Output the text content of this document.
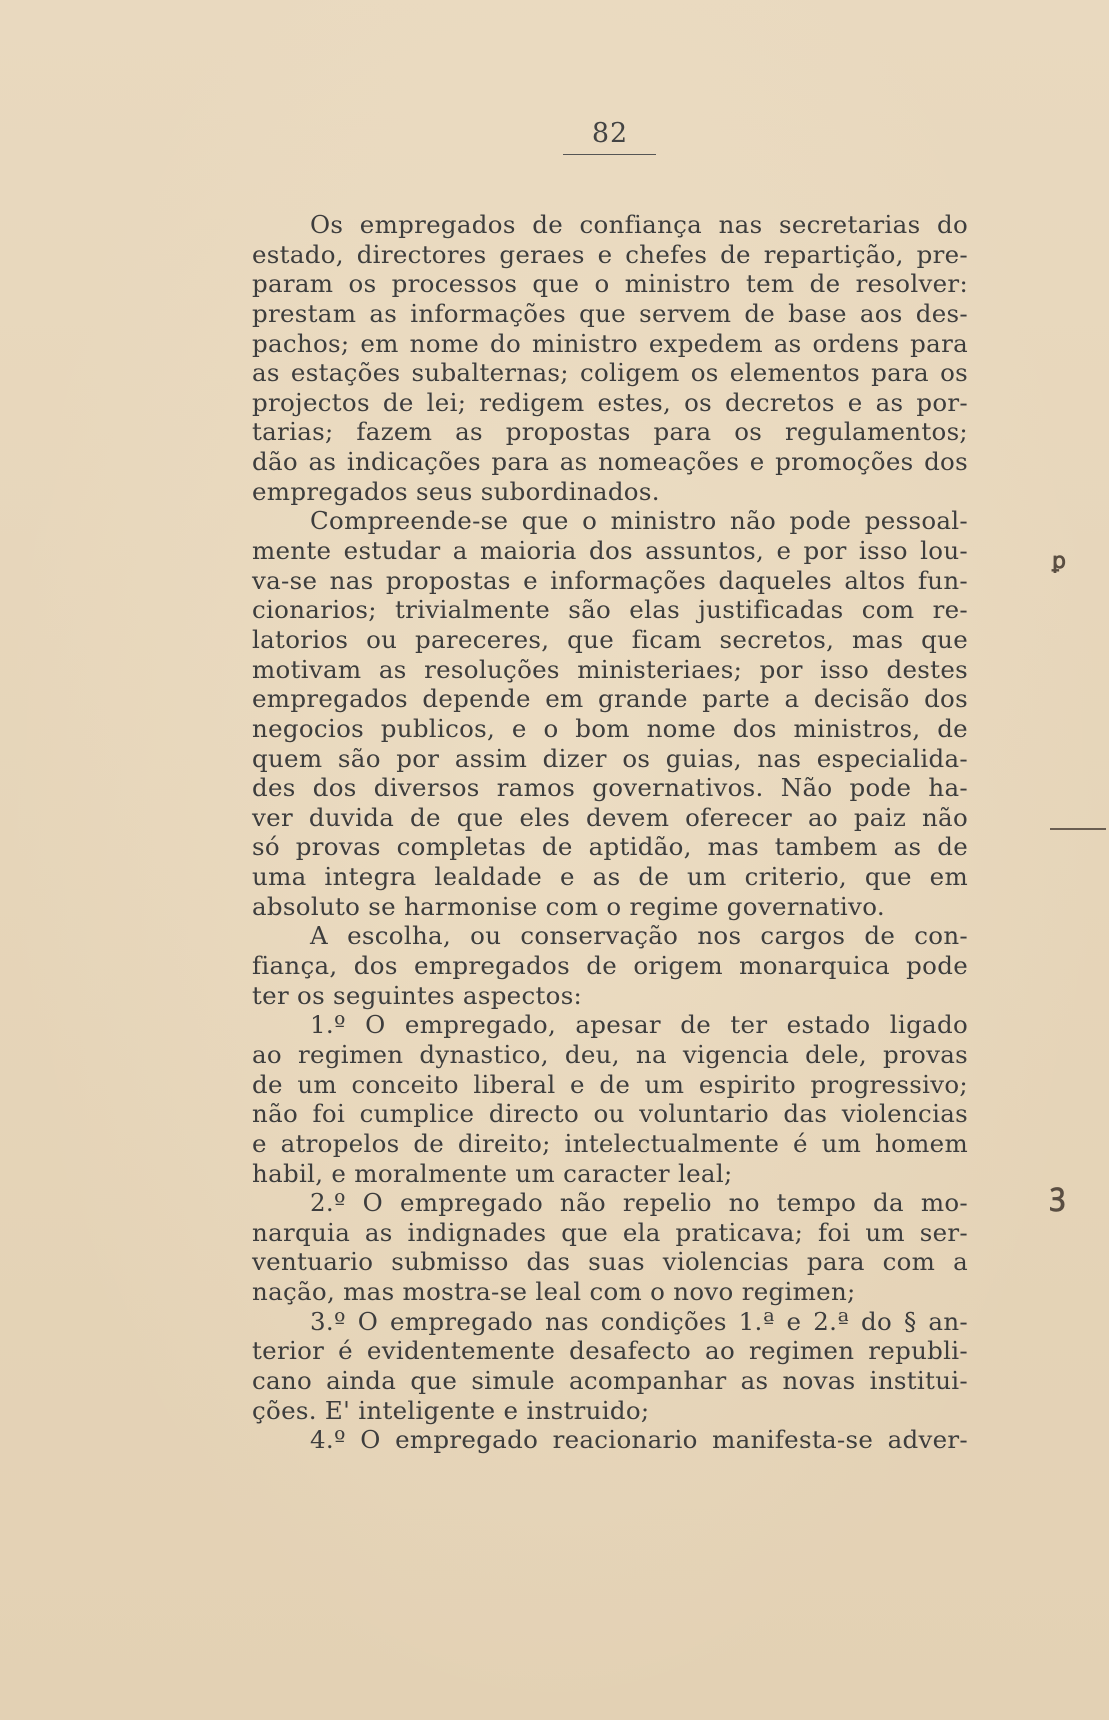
82
Os empregados de confiança nas secretarias do
estado, directores geraes e chefes de repartição, pre-
param os processos que o ministro tem de resolver:
prestam as informações que servem de base aos des-
pachos; em nome do ministro expedem as ordens para
as estações subalternas; coligem os elementos para os
projectos de lei; redigem estes, os decretos e as por-
tarias; fazem as propostas para os regulamentos;
dão as indicações para as nomeações e promoções dos
empregados seus subordinados.
Compreende-se que o ministro não pode pessoal-
mente estudar a maioria dos assuntos, e por isso lou-
va-se nas propostas e informações daqueles altos fun-
cionarios; trivialmente são elas justificadas com re-
latorios ou pareceres, que ficam secretos, mas que
motivam as resoluções ministeriaes; por isso destes
empregados depende em grande parte a decisão dos
negocios publicos, e o bom nome dos ministros, de
quem são por assim dizer os guias, nas especialida-
des dos diversos ramos governativos. Não pode ha-
ver duvida de que eles devem oferecer ao paiz não
só provas completas de aptidão, mas tambem as de
uma integra lealdade e as de um criterio, que em
absoluto se harmonise com o regime governativo.
A escolha, ou conservação nos cargos de con-
fiança, dos empregados de origem monarquica pode
ter os seguintes aspectos:
1.º O empregado, apesar de ter estado ligado
ao regimen dynastico, deu, na vigencia dele, provas
de um conceito liberal e de um espirito progressivo;
não foi cumplice directo ou voluntario das violencias
e atropelos de direito; intelectualmente é um homem
habil, e moralmente um caracter leal;
2.º O empregado não repelio no tempo da mo-
narquia as indignades que ela praticava; foi um ser-
ventuario submisso das suas violencias para com a
nação, mas mostra-se leal com o novo regimen;
3.º O empregado nas condições 1.ª e 2.ª do § an-
terior é evidentemente desafecto ao regimen republi-
cano ainda que simule acompanhar as novas institui-
ções. E' inteligente e instruido;
4.º O empregado reacionario manifesta-se adver-
ꝑ
ꝫ
